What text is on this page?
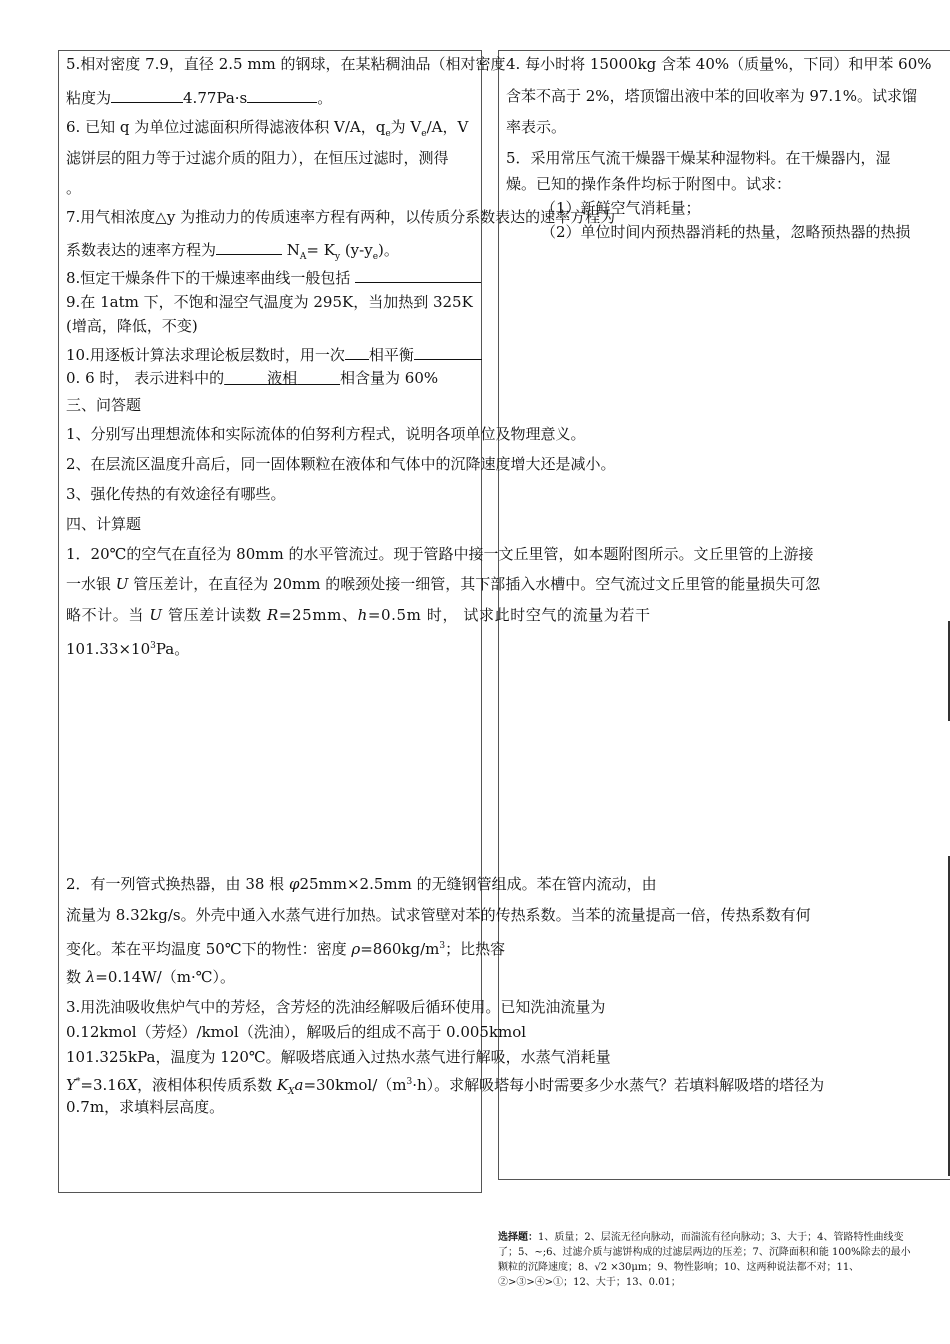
5.相对密度 7.9，直径 2.5 mm 的钢球，在某粘稠油品（相对密度
粘度为	4.77Pa·s	。
6. 已知 q 为单位过滤面积所得滤液体积 V/A，$q_e$为 $V_e/A$，V
滤饼层的阻力等于过滤介质的阻力），在恒压过滤时，测得
。
7.用气相浓度△y 为推动力的传质速率方程有两种，以传质分系数表达的速率方程为
系数表达的速率方程为	$N_A= K_y$ $(y-y_e)$。
8.恒定干燥条件下的干燥速率曲线一般包括
9.在 1atm 下，不饱和湿空气温度为 295K，当加热到 325K
(增高，降低，不变)
10.用逐板计算法求理论板层数时，用一次 相平衡
0. 6 时， 表示进料中的	液相	相含量为 60%
三、问答题
1、分别写出理想流体和实际流体的伯努利方程式，说明各项单位及物理意义。
2、在层流区温度升高后，同一固体颗粒在液体和气体中的沉降速度增大还是减小。
3、强化传热的有效途径有哪些。
四、计算题
1．20℃的空气在直径为 80mm 的水平管流过。现于管路中接一文丘里管，如本题附图所示。文丘里管的上游接
一水银 U 管压差计，在直径为 20mm 的喉颈处接一细管，其下部插入水槽中。空气流过文丘里管的能量损失可忽
略不计。当 U 管压差计读数 R=25mm、h=0.5m 时， 试求此时空气的流量为若干
$101.33\times 10^3Pa$。
2．有一列管式换热器，由 38 根 φ25mm×2.5mm 的无缝钢管组成。苯在管内流动，由
流量为 8.32kg/s。外壳中通入水蒸气进行加热。试求管壁对苯的传热系数。当苯的流量提高一倍，传热系数有何
变化。苯在平均温度 50℃下的物性：密度 $\rho=860kg/m^3$；比热容
数 λ=0.14W/（m·℃）。
3.用洗油吸收焦炉气中的芳烃，含芳烃的洗油经解吸后循环使用。已知洗油流量为
0.12kmol（芳烃）/kmol（洗油），解吸后的组成不高于 0.005kmol
101.325kPa，温度为 120℃。解吸塔底通入过热水蒸气进行解吸，水蒸气消耗量
Y*=3.16X，液相体积传质系数 $K_Xa=30kmol/(m^3\cdot h)$。求解吸塔每小时需要多少水蒸气？若填料解吸塔的塔径为
0.7m，求填料层高度。
4. 每小时将 15000kg 含苯 40%（质量%，下同）和甲苯 60%
含苯不高于 2%，塔顶馏出液中苯的回收率为 97.1%。试求馏
率表示。
5．采用常压气流干燥器干燥某种湿物料。在干燥器内，湿
燥。已知的操作条件均标于附图中。试求：
（1）新鲜空气消耗量；
（2）单位时间内预热器消耗的热量，忽略预热器的热损
选择题：1、质量；2、层流无径向脉动，而湍流有径向脉动；3、大于；4、管路特性曲线变了；5、~;6、过滤介质与滤饼构成的过滤层两边的压差；7、沉降面积和能 100%除去的最小颗粒的沉降速度；8、√2 ×30μm；9、物性影响；10、这两种说法都不对；11、②>③>④>①；12、大于；13、0.01；
